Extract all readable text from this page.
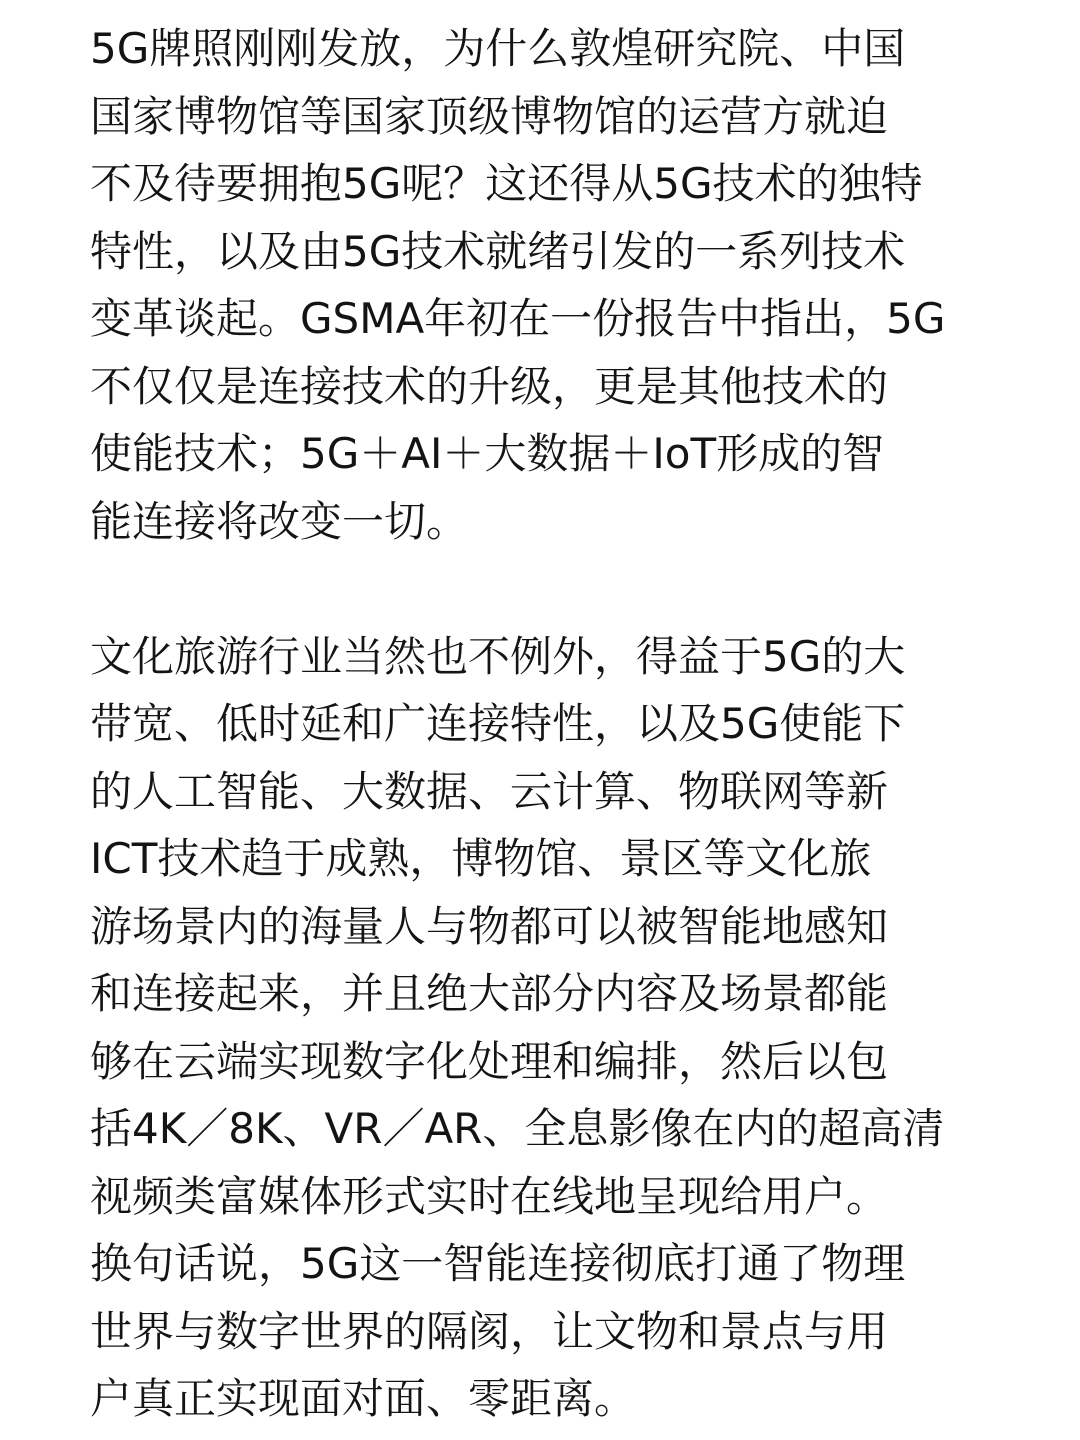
5G牌照刚刚发放，为什么敦煌研究院、中国
国家博物馆等国家顶级博物馆的运营方就迫
不及待要拥抱5G呢？这还得从5G技术的独特
特性，以及由5G技术就绪引发的一系列技术
变革谈起。GSMA年初在一份报告中指出，5G
不仅仅是连接技术的升级，更是其他技术的
使能技术；5G＋AI＋大数据＋IoT形成的智
能连接将改变一切。
文化旅游行业当然也不例外，得益于5G的大
带宽、低时延和广连接特性，以及5G使能下
的人工智能、大数据、云计算、物联网等新
ICT技术趋于成熟，博物馆、景区等文化旅
游场景内的海量人与物都可以被智能地感知
和连接起来，并且绝大部分内容及场景都能
够在云端实现数字化处理和编排，然后以包
括4K／8K、VR／AR、全息影像在内的超高清
视频类富媒体形式实时在线地呈现给用户。
换句话说，5G这一智能连接彻底打通了物理
世界与数字世界的隔阂，让文物和景点与用
户真正实现面对面、零距离。
